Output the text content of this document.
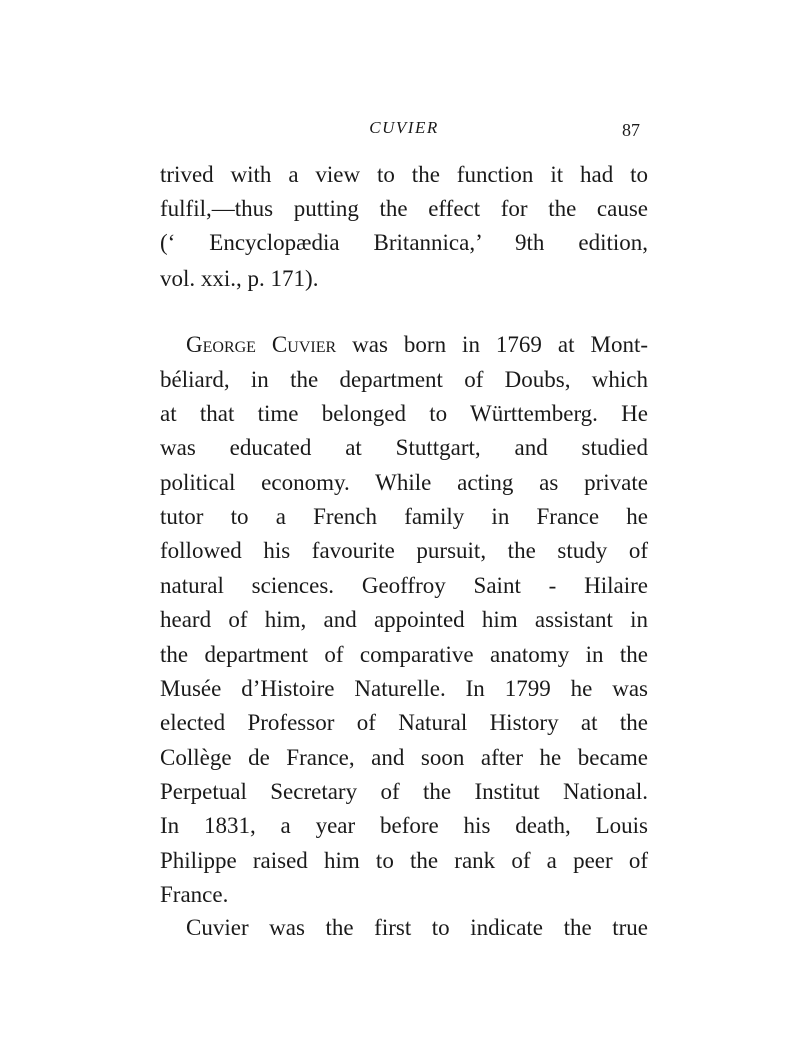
CUVIER	87
trived with a view to the function it had to
fulfil,—thus putting the effect for the cause
(‘ Encyclopædia Britannica,’ 9th edition,
vol. xxi., p. 171).
George Cuvier was born in 1769 at Mont-
béliard, in the department of Doubs, which
at that time belonged to Württemberg. He
was educated at Stuttgart, and studied
political economy. While acting as private
tutor to a French family in France he
followed his favourite pursuit, the study of
natural sciences. Geoffroy Saint - Hilaire
heard of him, and appointed him assistant in
the department of comparative anatomy in the
Musée d’Histoire Naturelle. In 1799 he was
elected Professor of Natural History at the
Collège de France, and soon after he became
Perpetual Secretary of the Institut National.
In 1831, a year before his death, Louis
Philippe raised him to the rank of a peer of
France.
Cuvier was the first to indicate the true
